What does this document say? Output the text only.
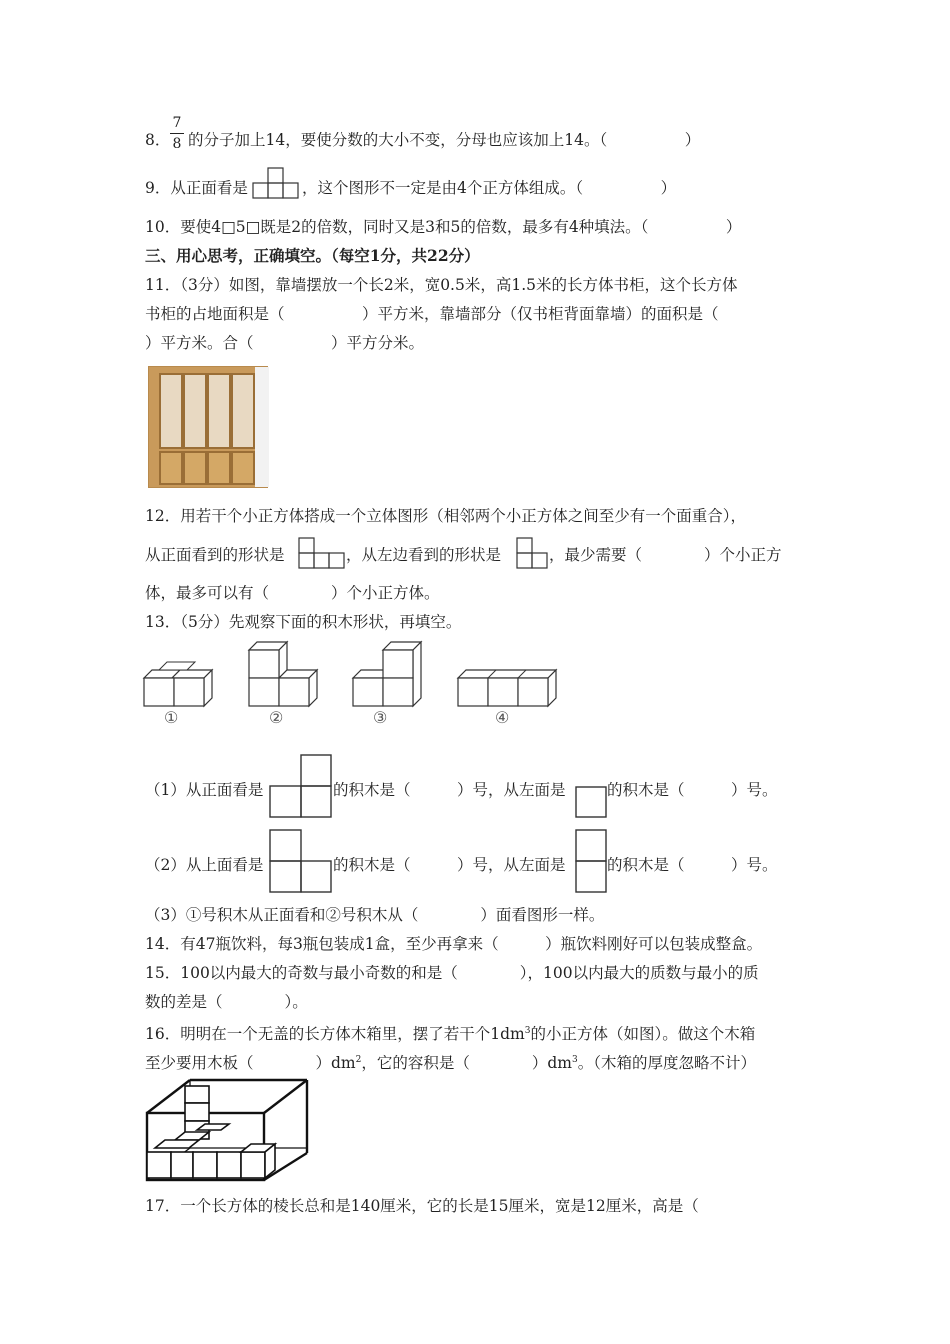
8．
7
8 的分子加上14，要使分数的大小不变，分母也应该加上14。（　　　　　）
9．从正面看是	，这个图形不一定是由4个正方体组成。（　　　　　）
10．要使4□5□既是2的倍数，同时又是3和5的倍数，最多有4种填法。（　　　　　）
三、用心思考，正确填空。（每空1分，共22分）
11．（3分）如图，靠墙摆放一个长2米，宽0.5米，高1.5米的长方体书柜，这个长方体
书柜的占地面积是（　　　　　）平方米，靠墙部分（仅书柜背面靠墙）的面积是（
）平方米。合（　　　　　）平方分米。
12．用若干个小正方体搭成一个立体图形（相邻两个小正方体之间至少有一个面重合），
从正面看到的形状是	，从左边看到的形状是	，最少需要（　　　　）个小正方
体，最多可以有（　　　　）个小正方体。
13．（5分）先观察下面的积木形状，再填空。
①	②	③	④
（1）从正面看是	的积木是（　　　）号，从左面是	的积木是（　　　）号。
（2）从上面看是	的积木是（　　　）号，从左面是	的积木是（　　　）号。
（3）①号积木从正面看和②号积木从（　　　　）面看图形一样。
14．有47瓶饮料，每3瓶包装成1盒，至少再拿来（　　　）瓶饮料刚好可以包装成整盒。
15．100以内最大的奇数与最小奇数的和是（　　　　），100以内最大的质数与最小的质
数的差是（　　　　）。
16．明明在一个无盖的长方体木箱里，摆了若干个$1dm^3$的小正方体（如图）。做这个木箱
至少要用木板（　　　　）$dm^2$，它的容积是（　　　　）$dm^3$。（木箱的厚度忽略不计）
17．一个长方体的棱长总和是140厘米，它的长是15厘米，宽是12厘米，高是（
